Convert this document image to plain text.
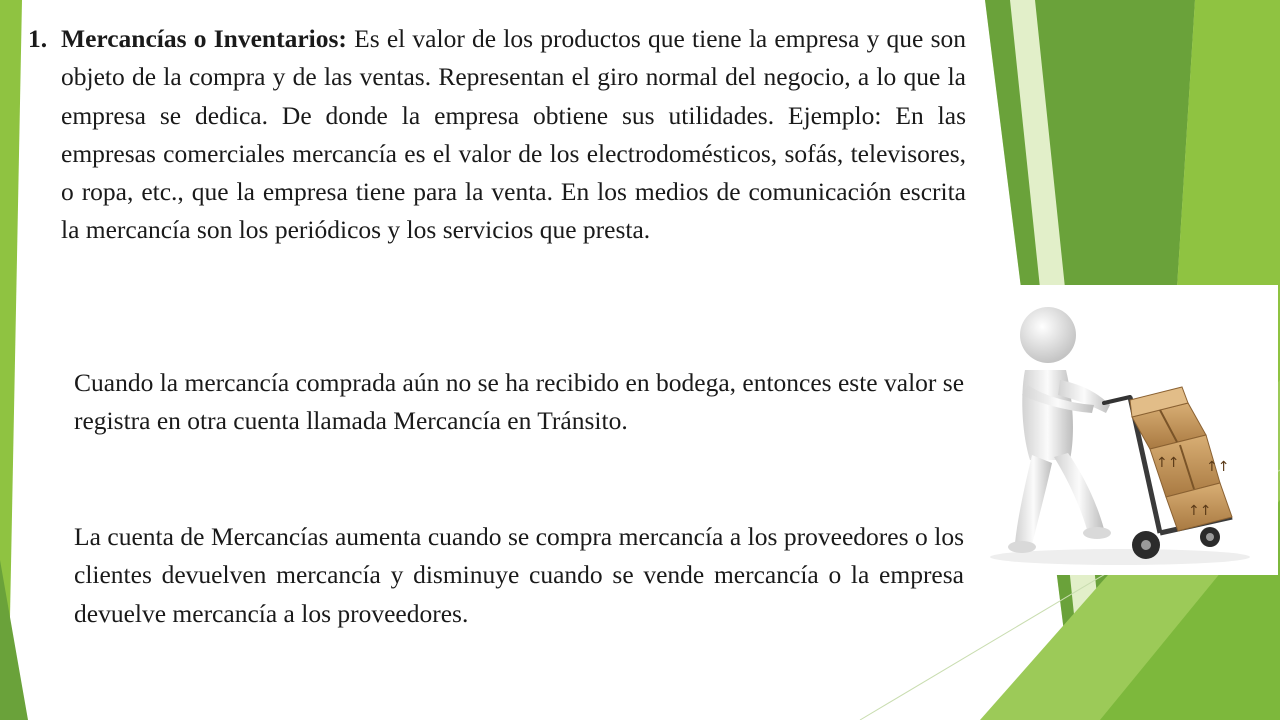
1. Mercancías o Inventarios: Es el valor de los productos que tiene la empresa y que son objeto de la compra y de las ventas. Representan el giro normal del negocio, a lo que la empresa se dedica. De donde la empresa obtiene sus utilidades. Ejemplo: En las empresas comerciales mercancía es el valor de los electrodomésticos, sofás, televisores, o ropa, etc., que la empresa tiene para la venta. En los medios de comunicación escrita la mercancía son los periódicos y los servicios que presta.

Cuando la mercancía comprada aún no se ha recibido en bodega, entonces este valor se registra en otra cuenta llamada Mercancía en Tránsito.

La cuenta de Mercancías aumenta cuando se compra mercancía a los proveedores o los clientes devuelven mercancía y disminuye cuando se vende mercancía o la empresa devuelve mercancía a los proveedores.

↑↑ ↑↑
↑↑
